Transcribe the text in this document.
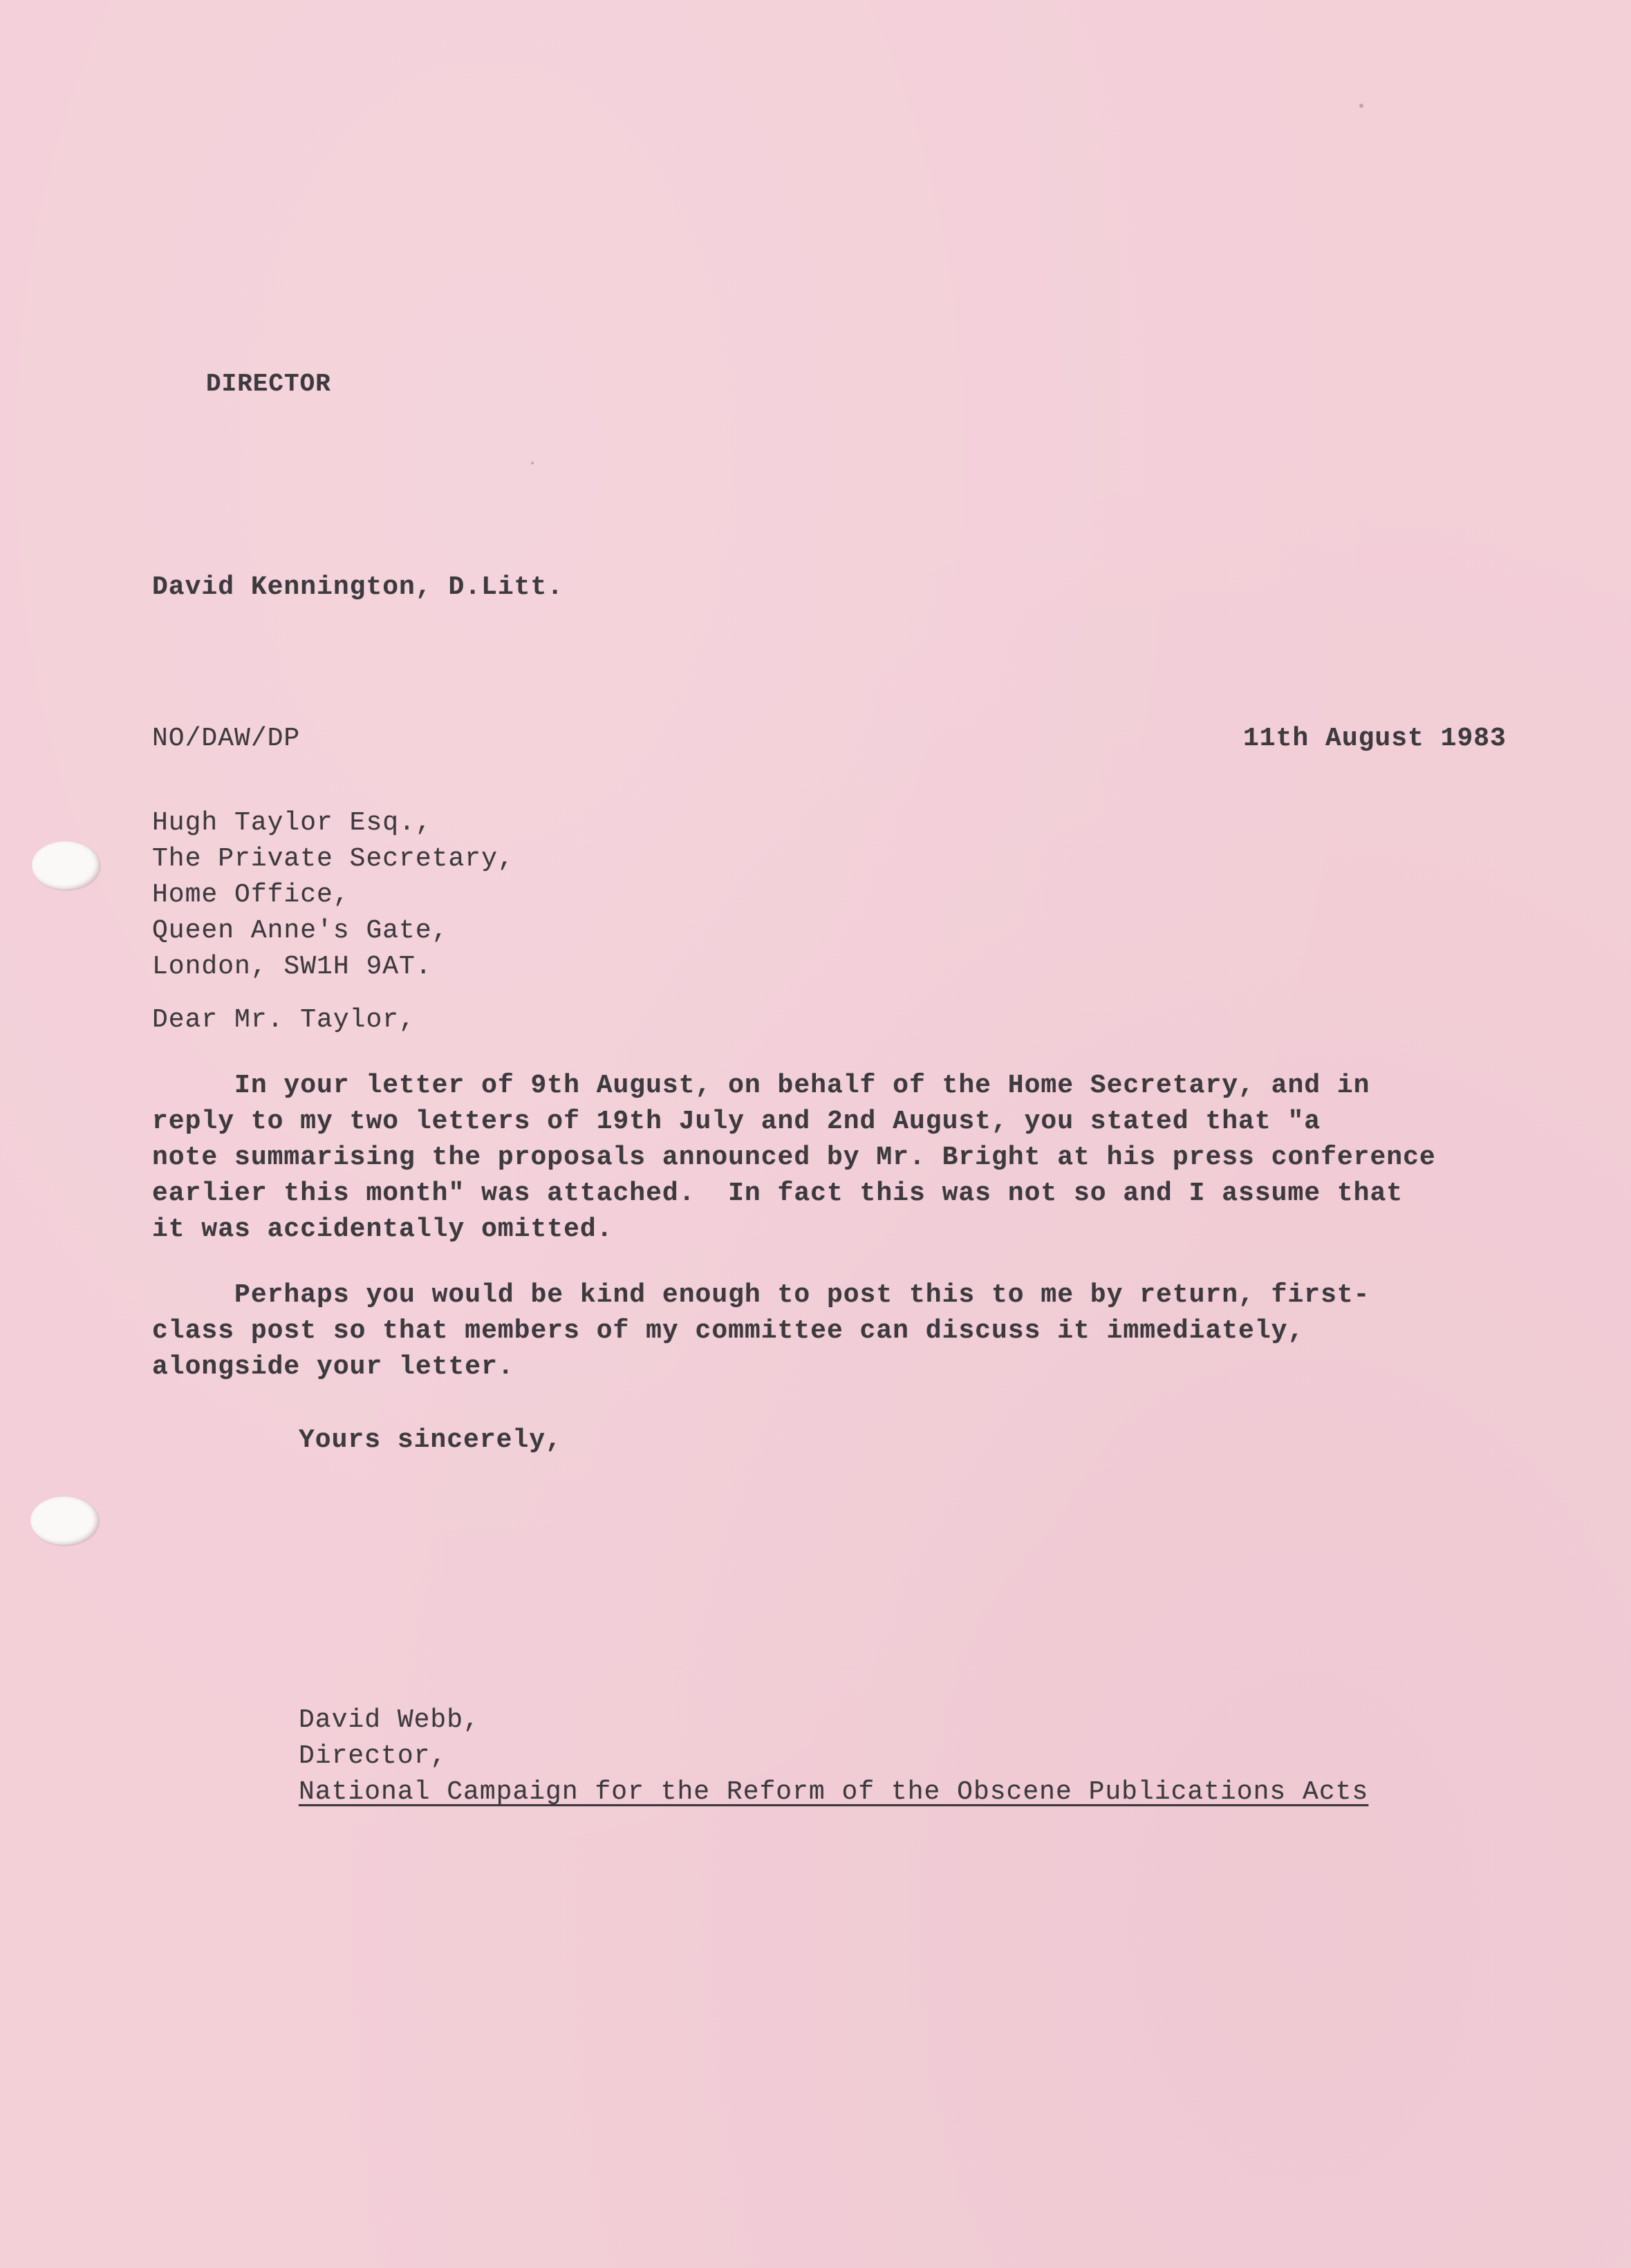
DIRECTOR
David Kennington, D.Litt.
NO/DAW/DP	11th August 1983
Hugh Taylor Esq.,
The Private Secretary,
Home Office,
Queen Anne's Gate,
London, SW1H 9AT.
Dear Mr. Taylor,
In your letter of 9th August, on behalf of the Home Secretary, and in
reply to my two letters of 19th July and 2nd August, you stated that "a
note summarising the proposals announced by Mr. Bright at his press conference
earlier this month" was attached.  In fact this was not so and I assume that
it was accidentally omitted.
Perhaps you would be kind enough to post this to me by return, first-
class post so that members of my committee can discuss it immediately,
alongside your letter.
Yours sincerely,
David Webb,
Director,
National Campaign for the Reform of the Obscene Publications Acts
